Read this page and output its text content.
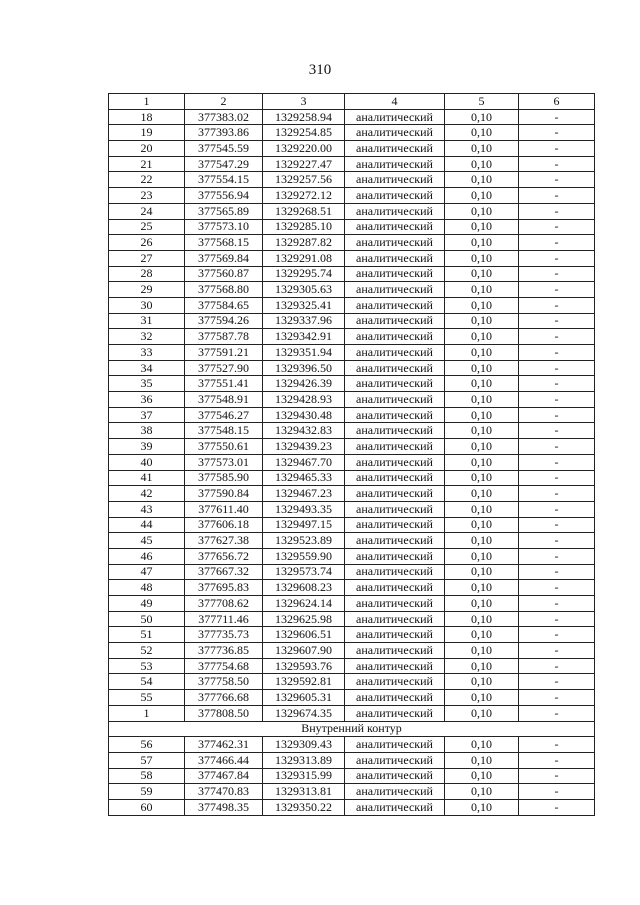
310
1	2	3	4	5	6
18	377383.02	1329258.94	аналитический	0,10	-
19	377393.86	1329254.85	аналитический	0,10	-
20	377545.59	1329220.00	аналитический	0,10	-
21	377547.29	1329227.47	аналитический	0,10	-
22	377554.15	1329257.56	аналитический	0,10	-
23	377556.94	1329272.12	аналитический	0,10	-
24	377565.89	1329268.51	аналитический	0,10	-
25	377573.10	1329285.10	аналитический	0,10	-
26	377568.15	1329287.82	аналитический	0,10	-
27	377569.84	1329291.08	аналитический	0,10	-
28	377560.87	1329295.74	аналитический	0,10	-
29	377568.80	1329305.63	аналитический	0,10	-
30	377584.65	1329325.41	аналитический	0,10	-
31	377594.26	1329337.96	аналитический	0,10	-
32	377587.78	1329342.91	аналитический	0,10	-
33	377591.21	1329351.94	аналитический	0,10	-
34	377527.90	1329396.50	аналитический	0,10	-
35	377551.41	1329426.39	аналитический	0,10	-
36	377548.91	1329428.93	аналитический	0,10	-
37	377546.27	1329430.48	аналитический	0,10	-
38	377548.15	1329432.83	аналитический	0,10	-
39	377550.61	1329439.23	аналитический	0,10	-
40	377573.01	1329467.70	аналитический	0,10	-
41	377585.90	1329465.33	аналитический	0,10	-
42	377590.84	1329467.23	аналитический	0,10	-
43	377611.40	1329493.35	аналитический	0,10	-
44	377606.18	1329497.15	аналитический	0,10	-
45	377627.38	1329523.89	аналитический	0,10	-
46	377656.72	1329559.90	аналитический	0,10	-
47	377667.32	1329573.74	аналитический	0,10	-
48	377695.83	1329608.23	аналитический	0,10	-
49	377708.62	1329624.14	аналитический	0,10	-
50	377711.46	1329625.98	аналитический	0,10	-
51	377735.73	1329606.51	аналитический	0,10	-
52	377736.85	1329607.90	аналитический	0,10	-
53	377754.68	1329593.76	аналитический	0,10	-
54	377758.50	1329592.81	аналитический	0,10	-
55	377766.68	1329605.31	аналитический	0,10	-
1	377808.50	1329674.35	аналитический	0,10	-
Внутренний контур					
56	377462.31	1329309.43	аналитический	0,10	-
57	377466.44	1329313.89	аналитический	0,10	-
58	377467.84	1329315.99	аналитический	0,10	-
59	377470.83	1329313.81	аналитический	0,10	-
60	377498.35	1329350.22	аналитический	0,10	-
